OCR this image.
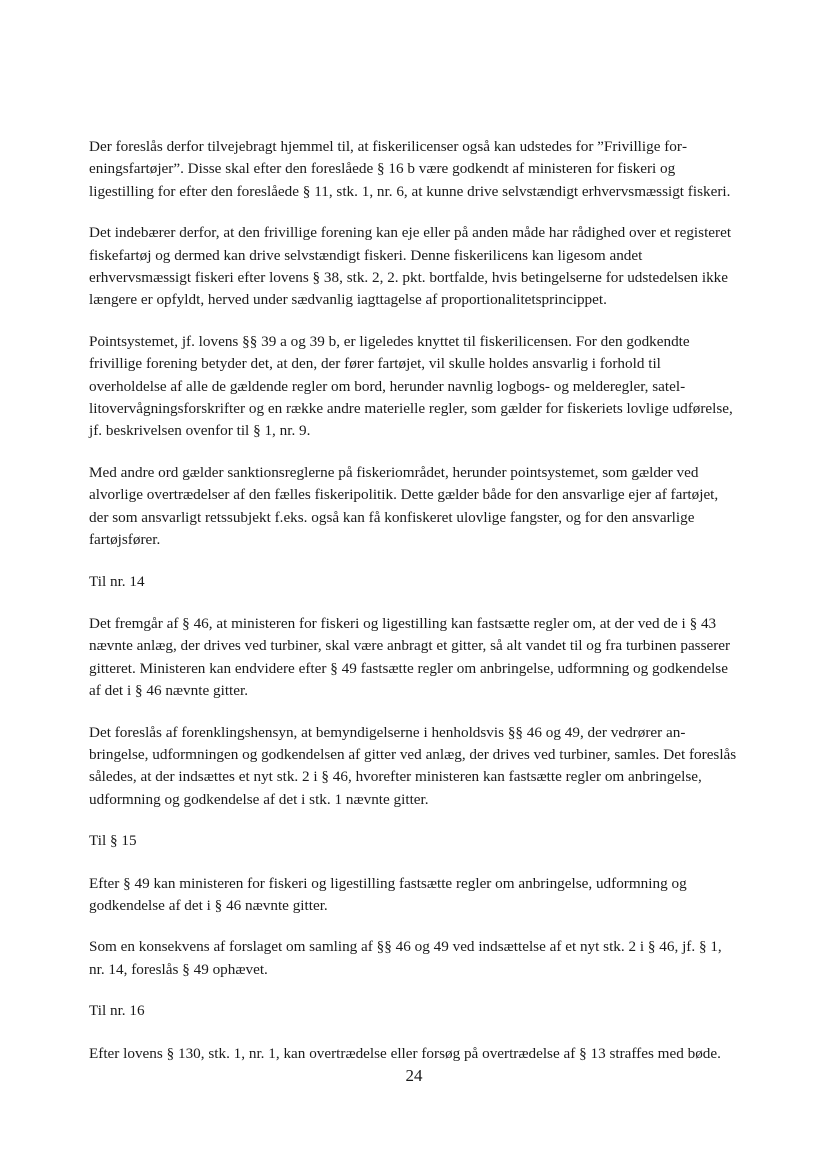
Der foreslås derfor tilvejebragt hjemmel til, at fiskerilicenser også kan udstedes for ”Frivillige foreningsfartøjer”. Disse skal efter den foreslåede § 16 b være godkendt af ministeren for fiskeri og ligestilling for efter den foreslåede § 11, stk. 1, nr. 6, at kunne drive selvstændigt erhvervsmæssigt fiskeri.

Det indebærer derfor, at den frivillige forening kan eje eller på anden måde har rådighed over et registeret fiskefartøj og dermed kan drive selvstændigt fiskeri. Denne fiskerilicens kan ligesom andet erhvervsmæssigt fiskeri efter lovens § 38, stk. 2, 2. pkt. bortfalde, hvis betingelserne for udstedelsen ikke længere er opfyldt, herved under sædvanlig iagttagelse af proportionalitetsprincippet.

Pointsystemet, jf. lovens §§ 39 a og 39 b, er ligeledes knyttet til fiskerilicensen. For den godkendte frivillige forening betyder det, at den, der fører fartøjet, vil skulle holdes ansvarlig i forhold til overholdelse af alle de gældende regler om bord, herunder navnlig logbogs- og melderegler, satellitovervågningsforskrifter og en række andre materielle regler, som gælder for fiskeriets lovlige udførelse, jf. beskrivelsen ovenfor til § 1, nr. 9.

Med andre ord gælder sanktionsreglerne på fiskeriområdet, herunder pointsystemet, som gælder ved alvorlige overtrædelser af den fælles fiskeripolitik. Dette gælder både for den ansvarlige ejer af fartøjet, der som ansvarligt retssubjekt f.eks. også kan få konfiskeret ulovlige fangster, og for den ansvarlige fartøjsfører.

Til nr. 14

Det fremgår af § 46, at ministeren for fiskeri og ligestilling kan fastsætte regler om, at der ved de i § 43 nævnte anlæg, der drives ved turbiner, skal være anbragt et gitter, så alt vandet til og fra turbinen passerer gitteret. Ministeren kan endvidere efter § 49 fastsætte regler om anbringelse, udformning og godkendelse af det i § 46 nævnte gitter.

Det foreslås af forenklingshensyn, at bemyndigelserne i henholdsvis §§ 46 og 49, der vedrører anbringelse, udformningen og godkendelsen af gitter ved anlæg, der drives ved turbiner, samles. Det foreslås således, at der indsættes et nyt stk. 2 i § 46, hvorefter ministeren kan fastsætte regler om anbringelse, udformning og godkendelse af det i stk. 1 nævnte gitter.

Til § 15

Efter § 49 kan ministeren for fiskeri og ligestilling fastsætte regler om anbringelse, udformning og godkendelse af det i § 46 nævnte gitter.

Som en konsekvens af forslaget om samling af §§ 46 og 49 ved indsættelse af et nyt stk. 2 i § 46, jf. § 1, nr. 14, foreslås § 49 ophævet.

Til nr. 16

Efter lovens § 130, stk. 1, nr. 1, kan overtrædelse eller forsøg på overtrædelse af § 13 straffes med bøde.

24
